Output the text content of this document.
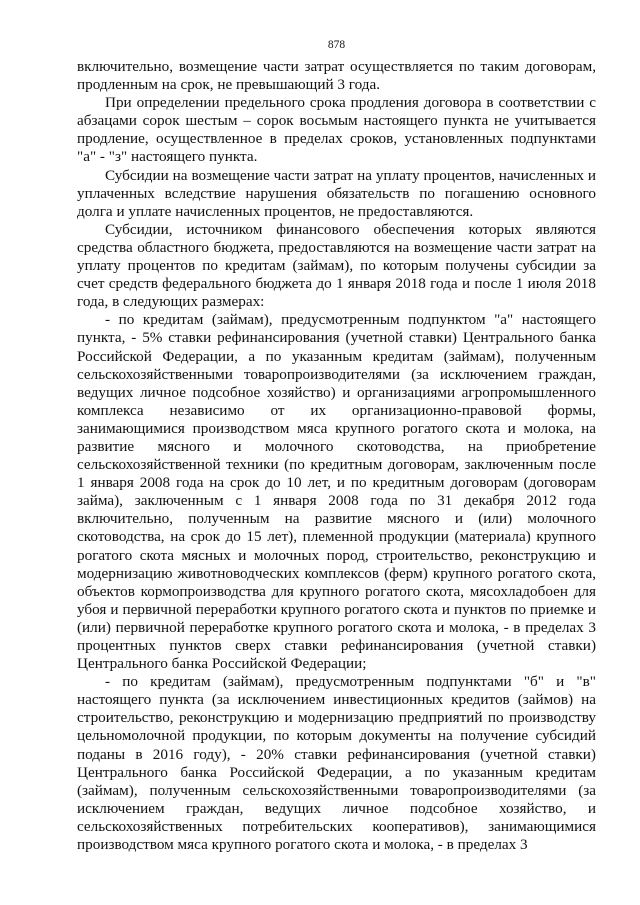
878

включительно, возмещение части затрат осуществляется по таким договорам, продленным на срок, не превышающий 3 года.

При определении предельного срока продления договора в соответствии с абзацами сорок шестым – сорок восьмым настоящего пункта не учитывается продление, осуществленное в пределах сроков, установленных подпунктами "а" - "з" настоящего пункта.

Субсидии на возмещение части затрат на уплату процентов, начисленных и уплаченных вследствие нарушения обязательств по погашению основного долга и уплате начисленных процентов, не предоставляются.

Субсидии, источником финансового обеспечения которых являются средства областного бюджета, предоставляются на возмещение части затрат на уплату процентов по кредитам (займам), по которым получены субсидии за счет средств федерального бюджета до 1 января 2018 года и после 1 июля 2018 года, в следующих размерах:

- по кредитам (займам), предусмотренным подпунктом "а" настоящего пункта, - 5% ставки рефинансирования (учетной ставки) Центрального банка Российской Федерации, а по указанным кредитам (займам), полученным сельскохозяйственными товаропроизводителями (за исключением граждан, ведущих личное подсобное хозяйство) и организациями агропромышленного комплекса независимо от их организационно-правовой формы, занимающимися производством мяса крупного рогатого скота и молока, на развитие мясного и молочного скотоводства, на приобретение сельскохозяйственной техники (по кредитным договорам, заключенным после 1 января 2008 года на срок до 10 лет, и по кредитным договорам (договорам займа), заключенным с 1 января 2008 года по 31 декабря 2012 года включительно, полученным на развитие мясного и (или) молочного скотоводства, на срок до 15 лет), племенной продукции (материала) крупного рогатого скота мясных и молочных пород, строительство, реконструкцию и модернизацию животноводческих комплексов (ферм) крупного рогатого скота, объектов кормопроизводства для крупного рогатого скота, мясохладобоен для убоя и первичной переработки крупного рогатого скота и пунктов по приемке и (или) первичной переработке крупного рогатого скота и молока, - в пределах 3 процентных пунктов сверх ставки рефинансирования (учетной ставки) Центрального банка Российской Федерации;

- по кредитам (займам), предусмотренным подпунктами "б" и "в" настоящего пункта (за исключением инвестиционных кредитов (займов) на строительство, реконструкцию и модернизацию предприятий по производству цельномолочной продукции, по которым документы на получение субсидий поданы в 2016 году), - 20% ставки рефинансирования (учетной ставки) Центрального банка Российской Федерации, а по указанным кредитам (займам), полученным сельскохозяйственными товаропроизводителями (за исключением граждан, ведущих личное подсобное хозяйство, и сельскохозяйственных потребительских кооперативов), занимающимися производством мяса крупного рогатого скота и молока, - в пределах 3
